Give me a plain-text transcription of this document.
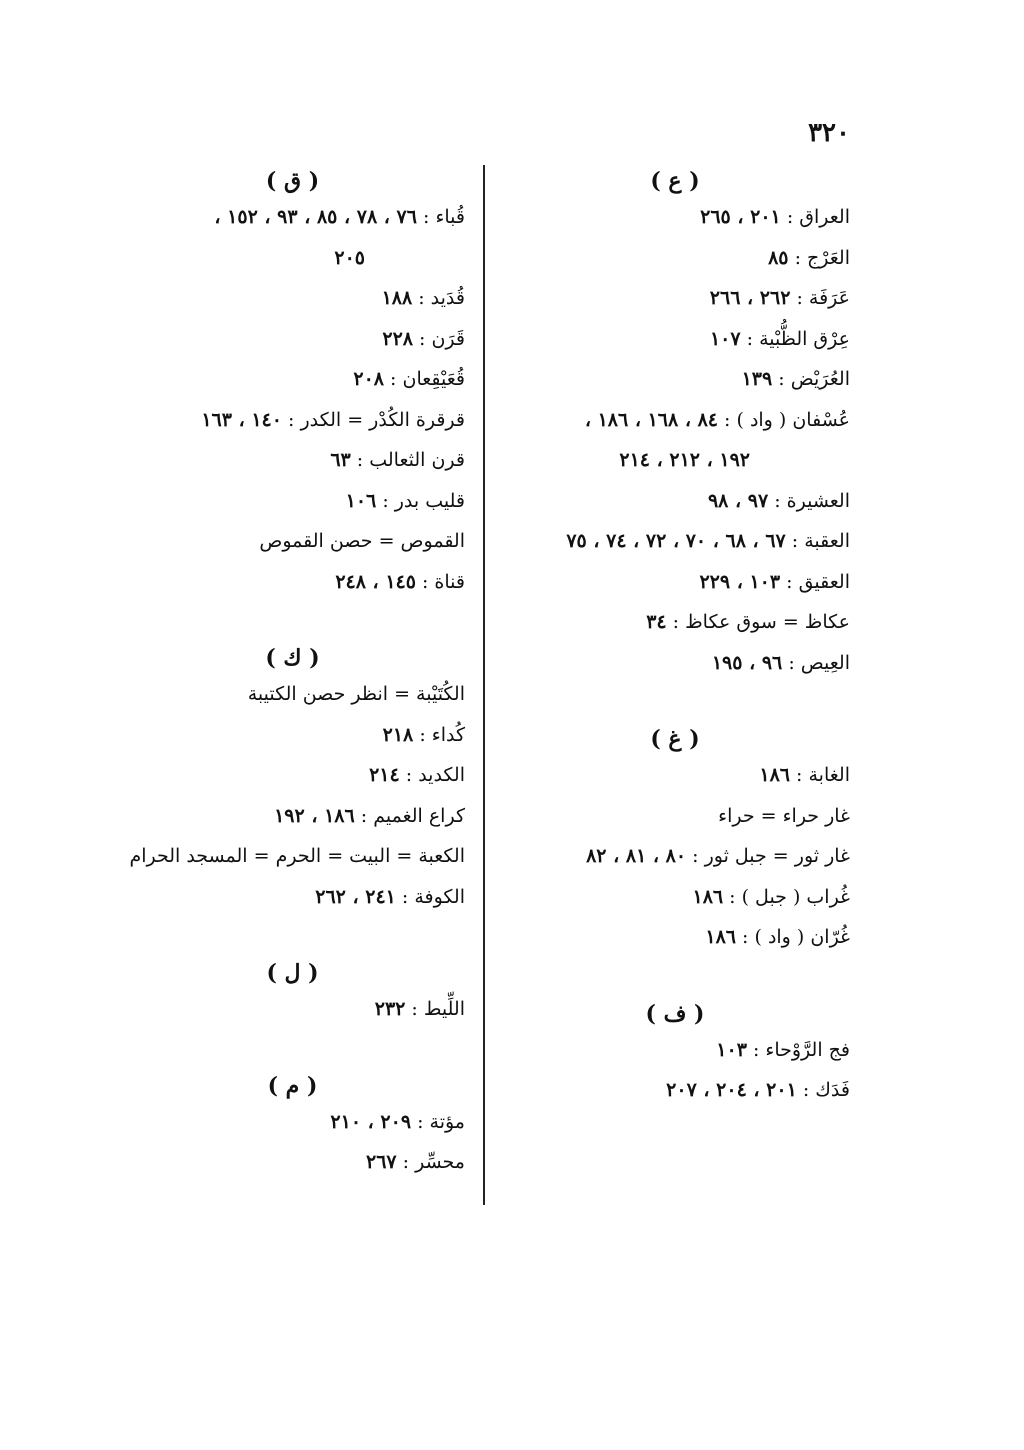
٣٢٠
( ع )
العراق : ٢٠١ ، ٢٦٥
العَرْج : ٨٥
عَرَفَة : ٢٦٢ ، ٢٦٦
عِرْق الظُّبْية : ١٠٧
العُرَيْض : ١٣٩
عُسْفان ( واد ) : ٨٤ ، ١٦٨ ، ١٨٦ ،
١٩٢ ، ٢١٢ ، ٢١٤
العشيرة : ٩٧ ، ٩٨
العقبة : ٦٧ ، ٦٨ ، ٧٠ ، ٧٢ ، ٧٤ ، ٧٥
العقيق : ١٠٣ ، ٢٢٩
عكاظ = سوق عكاظ : ٣٤
العِيص : ٩٦ ، ١٩٥
( غ )
الغابة : ١٨٦
غار حراء = حراء
غار ثور = جبل ثور : ٨٠ ، ٨١ ، ٨٢
غُراب ( جبل ) : ١٨٦
غُرّان ( واد ) : ١٨٦
( ف )
فج الرَّوْحاء : ١٠٣
فَدَك : ٢٠١ ، ٢٠٤ ، ٢٠٧
( ق )
قُباء : ٧٦ ، ٧٨ ، ٨٥ ، ٩٣ ، ١٥٢ ،
٢٠٥
قُدَيد : ١٨٨
قَرَن : ٢٢٨
قُعَيْقِعان : ٢٠٨
قرقرة الكُدْر = الكدر : ١٤٠ ، ١٦٣
قرن الثعالب : ٦٣
قليب بدر : ١٠٦
القموص = حصن القموص
قناة : ١٤٥ ، ٢٤٨
( ك )
الكُتَيْبة = انظر حصن الكتيبة
كُداء : ٢١٨
الكديد : ٢١٤
كراع الغميم : ١٨٦ ، ١٩٢
الكعبة = البيت = الحرم = المسجد الحرام
الكوفة : ٢٤١ ، ٢٦٢
( ل )
اللِّيط : ٢٣٢
( م )
مؤتة : ٢٠٩ ، ٢١٠
محسِّر : ٢٦٧
